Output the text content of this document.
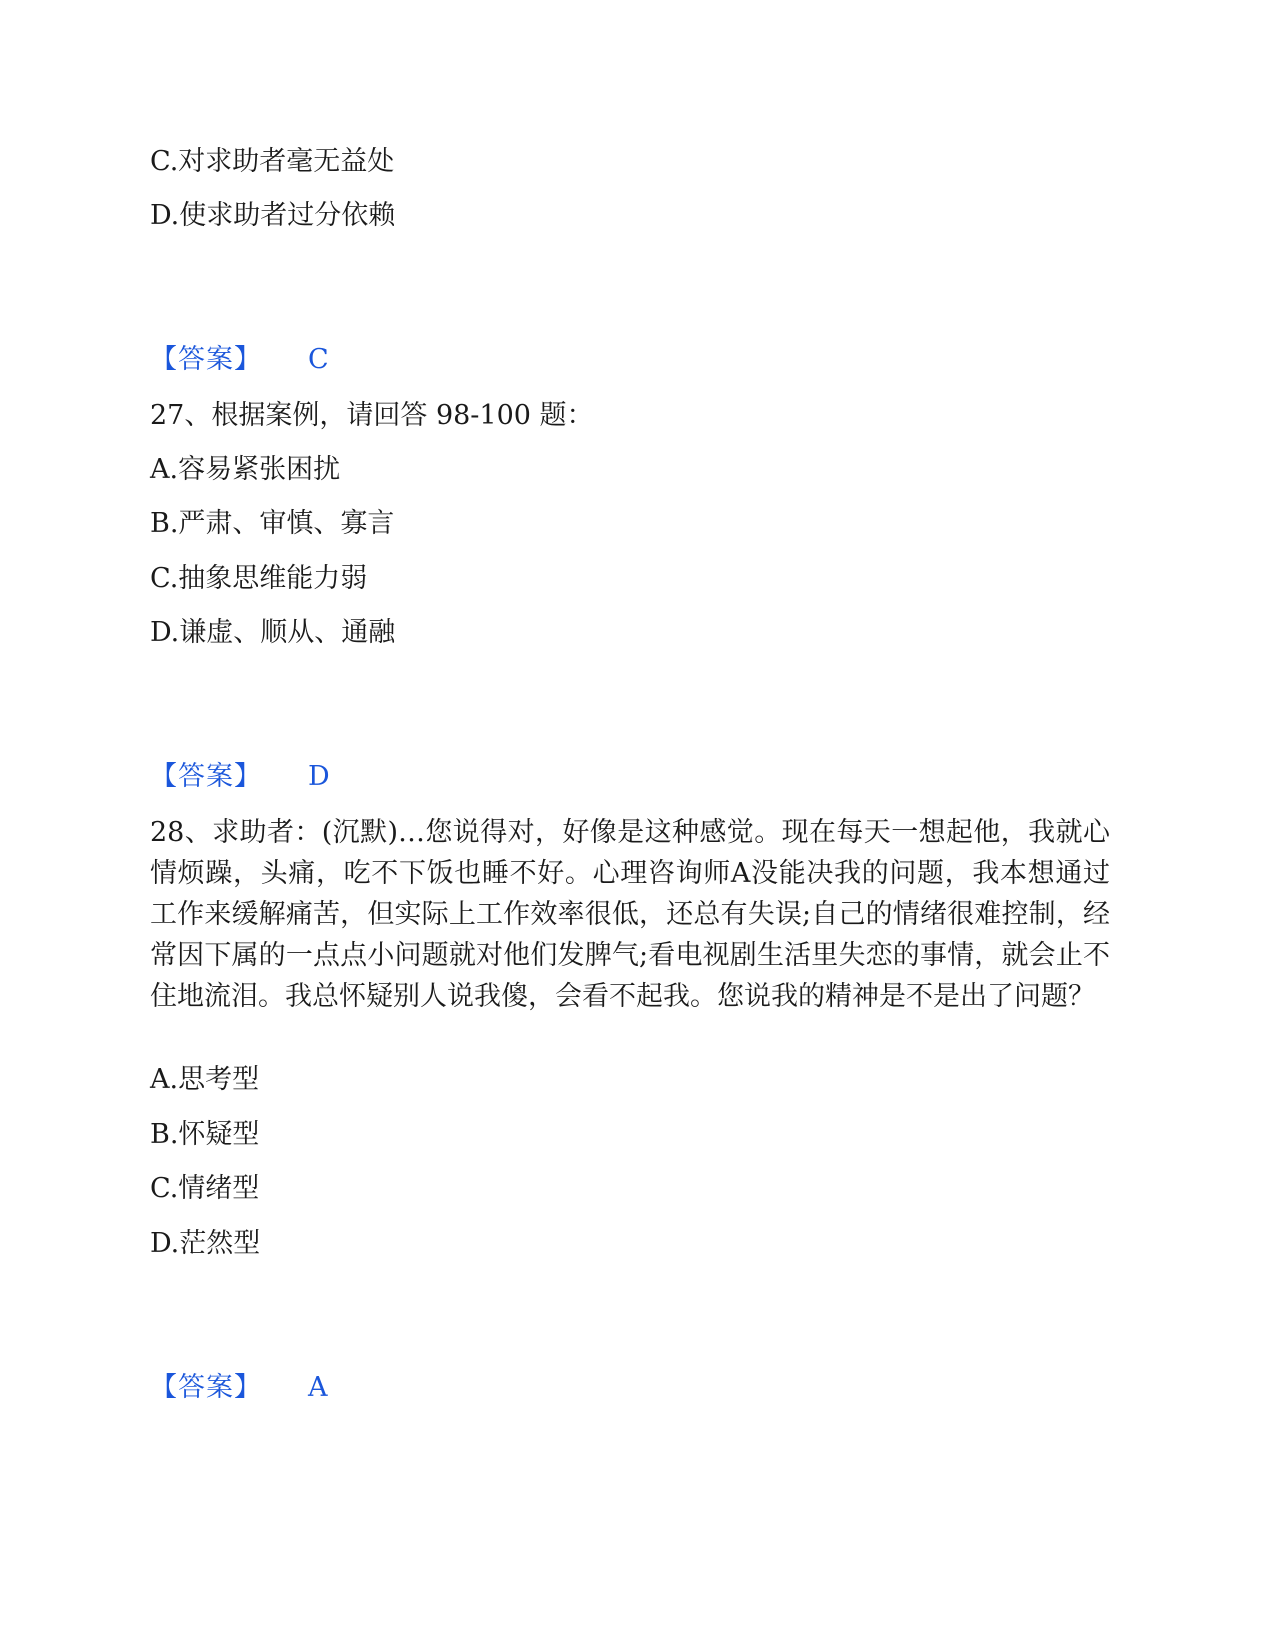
C.对求助者毫无益处
D.使求助者过分依赖
【答案】 C
27、根据案例，请回答 98-100 题：
A.容易紧张困扰
B.严肃、审慎、寡言
C.抽象思维能力弱
D.谦虚、顺从、通融
【答案】 D
28、求助者：(沉默)…您说得对，好像是这种感觉。现在每天一想起他，我就心情烦躁，头痛，吃不下饭也睡不好。心理咨询师A没能决我的问题，我本想通过工作来缓解痛苦，但实际上工作效率很低，还总有失误;自己的情绪很难控制，经常因下属的一点点小问题就对他们发脾气;看电视剧生活里失恋的事情，就会止不住地流泪。我总怀疑别人说我傻，会看不起我。您说我的精神是不是出了问题？
A.思考型
B.怀疑型
C.情绪型
D.茫然型
【答案】 A
